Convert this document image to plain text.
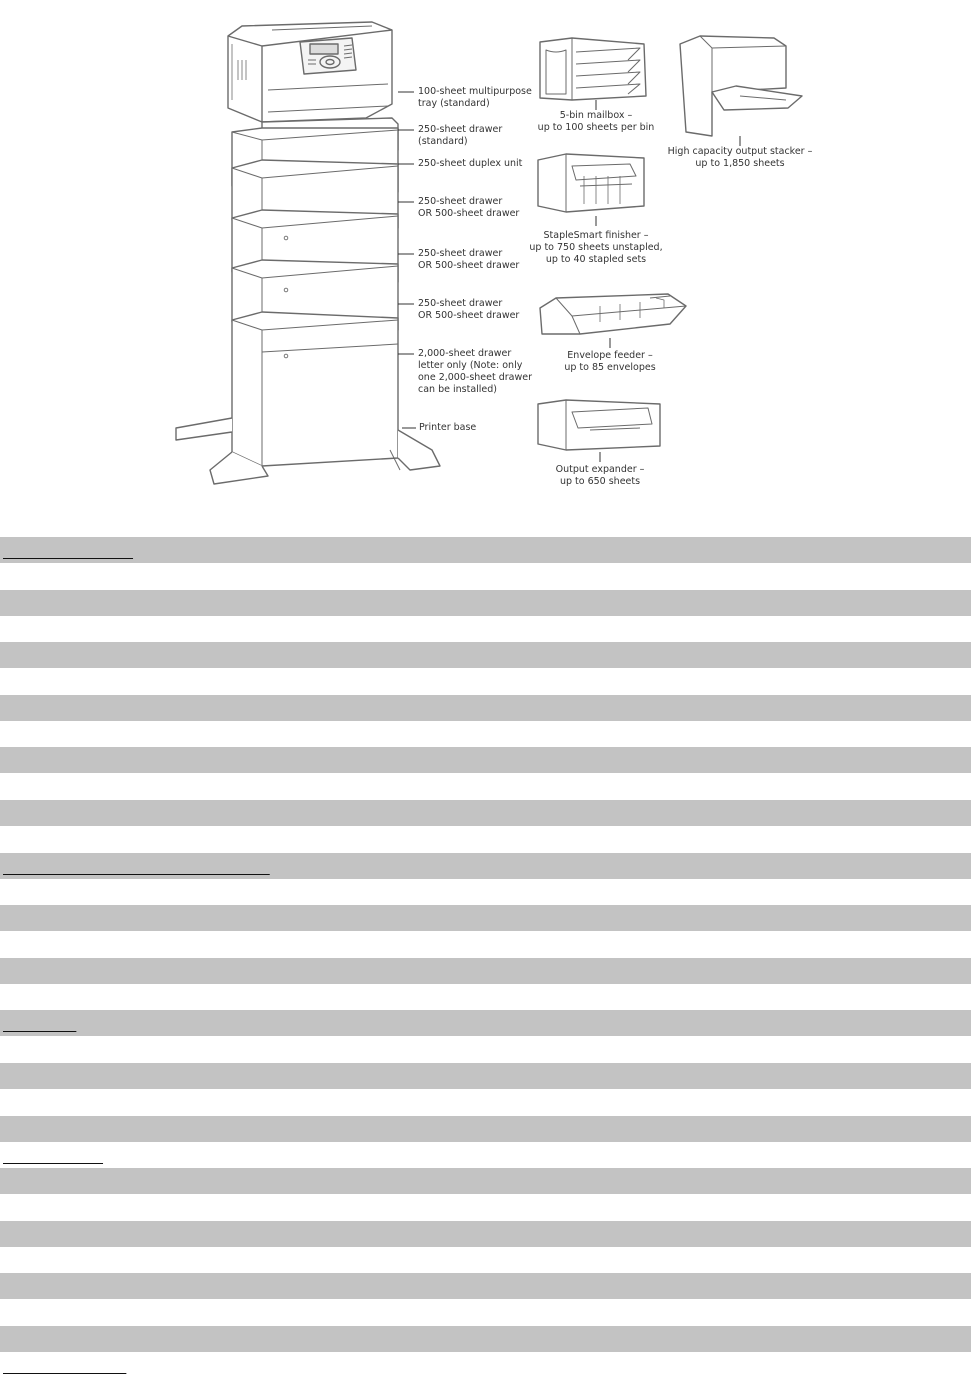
100-sheet multipurpose
tray (standard)
250-sheet drawer
(standard)
250-sheet duplex unit
250-sheet drawer
OR 500-sheet drawer
250-sheet drawer
OR 500-sheet drawer
250-sheet drawer
OR 500-sheet drawer
2,000-sheet drawer
letter only (Note: only
one 2,000-sheet drawer
can be installed)
Printer base
5-bin mailbox –
up to 100 sheets per bin
High capacity output stacker –
up to 1,850 sheets
StapleSmart finisher –
up to 750 sheets unstapled,
up to 40 stapled sets
Envelope feeder –
up to 85 envelopes
Output expander –
up to 650 sheets
